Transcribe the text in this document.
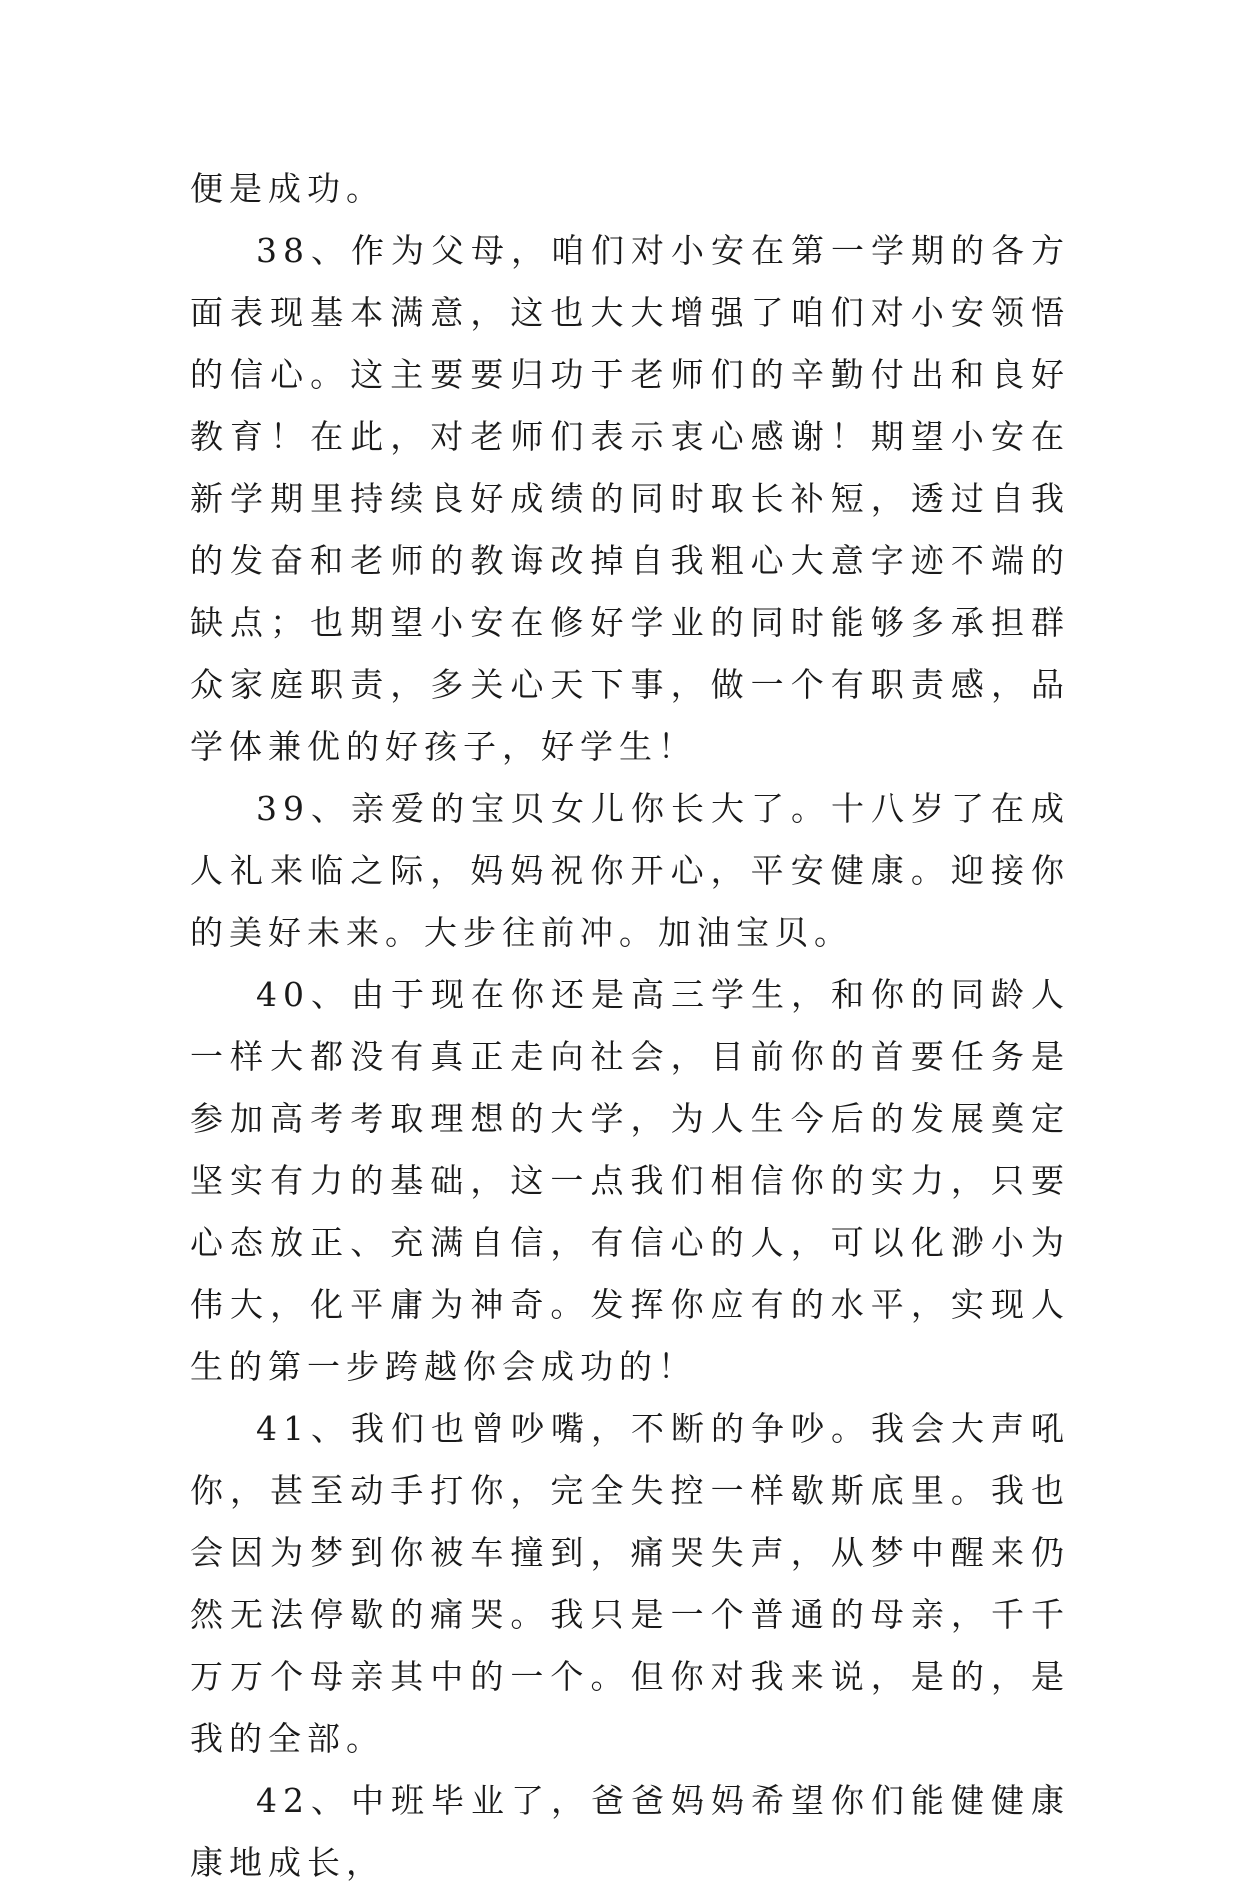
便是成功。

38、作为父母，咱们对小安在第一学期的各方面表现基本满意，这也大大增强了咱们对小安领悟的信心。这主要要归功于老师们的辛勤付出和良好教育！在此，对老师们表示衷心感谢！期望小安在新学期里持续良好成绩的同时取长补短，透过自我的发奋和老师的教诲改掉自我粗心大意字迹不端的缺点；也期望小安在修好学业的同时能够多承担群众家庭职责，多关心天下事，做一个有职责感，品学体兼优的好孩子，好学生！

39、亲爱的宝贝女儿你长大了。十八岁了在成人礼来临之际，妈妈祝你开心，平安健康。迎接你的美好未来。大步往前冲。加油宝贝。

40、由于现在你还是高三学生，和你的同龄人一样大都没有真正走向社会，目前你的首要任务是参加高考考取理想的大学，为人生今后的发展奠定坚实有力的基础，这一点我们相信你的实力，只要心态放正、充满自信，有信心的人，可以化渺小为伟大，化平庸为神奇。发挥你应有的水平，实现人生的第一步跨越你会成功的！

41、我们也曾吵嘴，不断的争吵。我会大声吼你，甚至动手打你，完全失控一样歇斯底里。我也会因为梦到你被车撞到，痛哭失声，从梦中醒来仍然无法停歇的痛哭。我只是一个普通的母亲，千千万万个母亲其中的一个。但你对我来说，是的，是我的全部。

42、中班毕业了，爸爸妈妈希望你们能健健康康地成长，
